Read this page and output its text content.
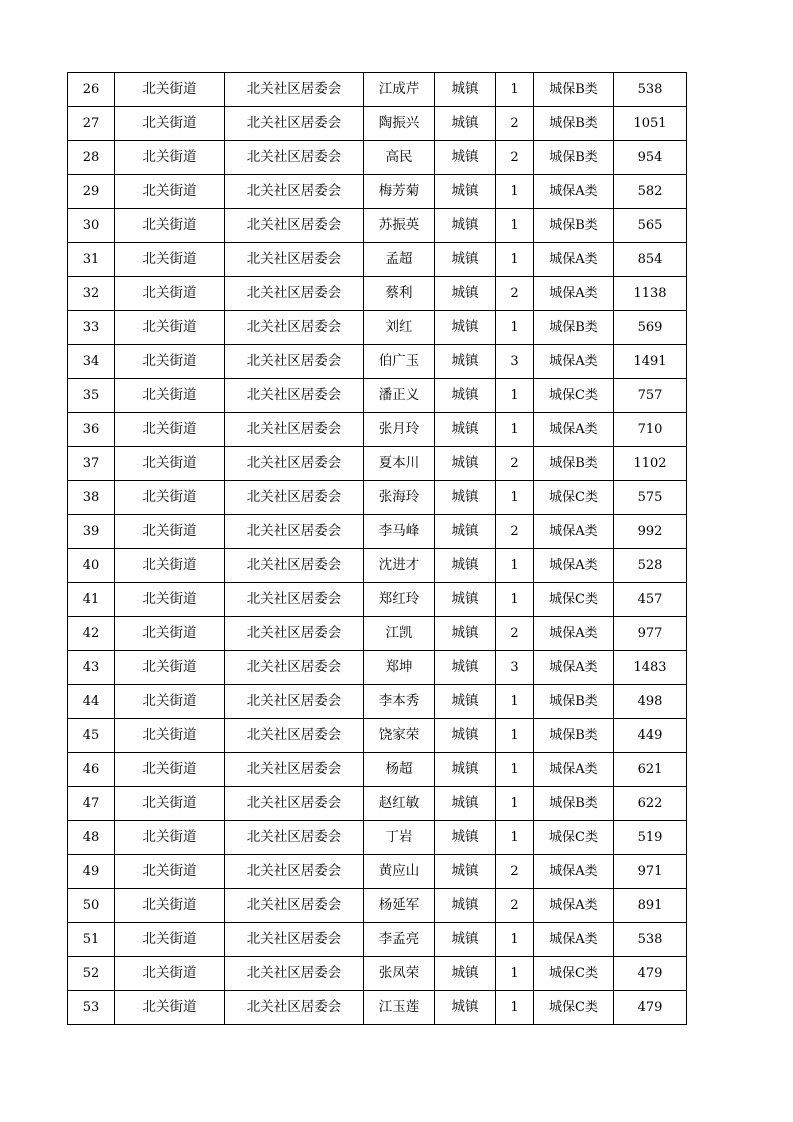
26	北关街道	北关社区居委会	江成芹	城镇	1	城保B类	538
27	北关街道	北关社区居委会	陶振兴	城镇	2	城保B类	1051
28	北关街道	北关社区居委会	高民	城镇	2	城保B类	954
29	北关街道	北关社区居委会	梅芳菊	城镇	1	城保A类	582
30	北关街道	北关社区居委会	苏振英	城镇	1	城保B类	565
31	北关街道	北关社区居委会	孟超	城镇	1	城保A类	854
32	北关街道	北关社区居委会	蔡利	城镇	2	城保A类	1138
33	北关街道	北关社区居委会	刘红	城镇	1	城保B类	569
34	北关街道	北关社区居委会	伯广玉	城镇	3	城保A类	1491
35	北关街道	北关社区居委会	潘正义	城镇	1	城保C类	757
36	北关街道	北关社区居委会	张月玲	城镇	1	城保A类	710
37	北关街道	北关社区居委会	夏本川	城镇	2	城保B类	1102
38	北关街道	北关社区居委会	张海玲	城镇	1	城保C类	575
39	北关街道	北关社区居委会	李马峰	城镇	2	城保A类	992
40	北关街道	北关社区居委会	沈进才	城镇	1	城保A类	528
41	北关街道	北关社区居委会	郑红玲	城镇	1	城保C类	457
42	北关街道	北关社区居委会	江凯	城镇	2	城保A类	977
43	北关街道	北关社区居委会	郑坤	城镇	3	城保A类	1483
44	北关街道	北关社区居委会	李本秀	城镇	1	城保B类	498
45	北关街道	北关社区居委会	饶家荣	城镇	1	城保B类	449
46	北关街道	北关社区居委会	杨超	城镇	1	城保A类	621
47	北关街道	北关社区居委会	赵红敏	城镇	1	城保B类	622
48	北关街道	北关社区居委会	丁岩	城镇	1	城保C类	519
49	北关街道	北关社区居委会	黄应山	城镇	2	城保A类	971
50	北关街道	北关社区居委会	杨延军	城镇	2	城保A类	891
51	北关街道	北关社区居委会	李孟亮	城镇	1	城保A类	538
52	北关街道	北关社区居委会	张凤荣	城镇	1	城保C类	479
53	北关街道	北关社区居委会	江玉莲	城镇	1	城保C类	479
